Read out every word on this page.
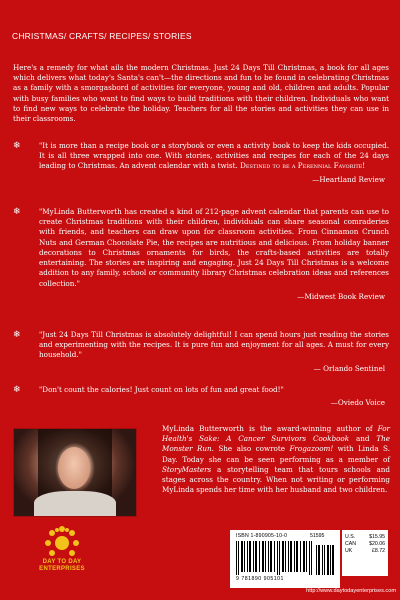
CHRISTMAS/ CRAFTS/ RECIPES/ STORIES

Here's a remedy for what ails the modern Christmas. Just 24 Days Till Christmas, a book for all ages which delivers what today's Santa's can't—the directions and fun to be found in celebrating Christmas as a family with a smorgasbord of activities for everyone, young and old, children and adults. Popular with busy families who want to find ways to build traditions with their children. Individuals who want to find new ways to celebrate the holiday. Teachers for all the stories and activities they can use in their classrooms.

❄	"It is more than a recipe book or a storybook or even a activity book to keep the kids occupied. It is all three wrapped into one. With stories, activities and recipes for each of the 24 days leading to Christmas. An advent calendar with a twist. Destined to be a Perennial Favorite!

—Heartland Review
❄	"MyLinda Butterworth has created a kind of 212-page advent calendar that parents can use to create Christmas traditions with their children, individuals can share seasonal comraderies with friends, and teachers can draw upon for classroom activities. From Cinnamon Crunch Nuts and German Chocolate Pie, the recipes are nutritious and delicious. From holiday banner decorations to Christmas ornaments for birds, the crafts-based activities are totally entertaining. The stories are inspiring and engaging. Just 24 Days Till Christmas is a welcome addition to any family, school or community library Christmas celebration ideas and references collection."

—Midwest Book Review
❄	"Just 24 Days Till Christmas is absolutely delightful! I can spend hours just reading the stories and experimenting with the recipes. It is pure fun and enjoyment for all ages. A must for every household."

— Orlando Sentinel
❄	"Don't count the calories! Just count on lots of fun and great food!"

—Oviedo Voice

MyLinda Butterworth is the award-winning author of For Health's Sake: A Cancer Survivors Cookbook and The Monster Run. She also cowrote Frogazoom! with Linda S. Day. Today she can be seen performing as a member of StoryMasters a storytelling team that tours schools and stages across the country. When not writing or performing MyLinda spends her time with her husband and two children.

DAY TO DAY
ENTERPRISES
ISBN 1-890905-10-0
9 781890 905101
51595	U.S.	$15.95
CAN	$20.06
UK	£8.72
http://www.daytodayenterprises.com
